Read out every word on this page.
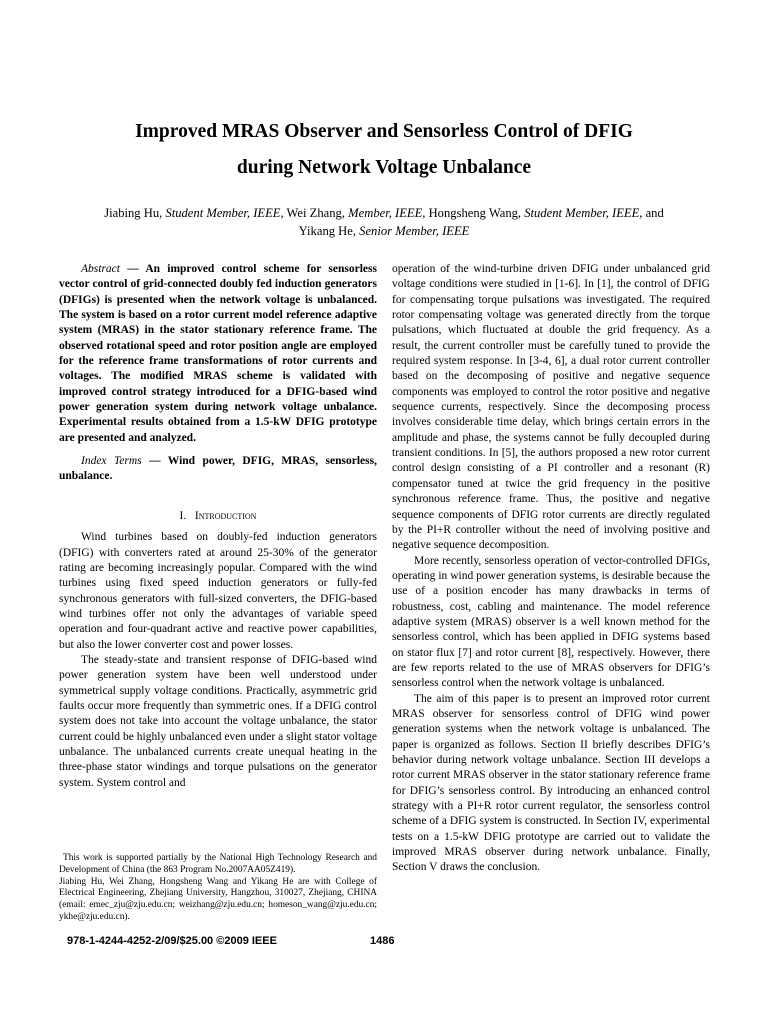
Improved MRAS Observer and Sensorless Control of DFIG
during Network Voltage Unbalance

Jiabing Hu, Student Member, IEEE, Wei Zhang, Member, IEEE, Hongsheng Wang, Student Member, IEEE, and Yikang He, Senior Member, IEEE

Abstract — An improved control scheme for sensorless vector control of grid-connected doubly fed induction generators (DFIGs) is presented when the network voltage is unbalanced. The system is based on a rotor current model reference adaptive system (MRAS) in the stator stationary reference frame. The observed rotational speed and rotor position angle are employed for the reference frame transformations of rotor currents and voltages. The modified MRAS scheme is validated with improved control strategy introduced for a DFIG-based wind power generation system during network voltage unbalance. Experimental results obtained from a 1.5-kW DFIG prototype are presented and analyzed.

Index Terms — Wind power, DFIG, MRAS, sensorless, unbalance.

I. Introduction

Wind turbines based on doubly-fed induction generators (DFIG) with converters rated at around 25-30% of the generator rating are becoming increasingly popular. Compared with the wind turbines using fixed speed induction generators or fully-fed synchronous generators with full-sized converters, the DFIG-based wind turbines offer not only the advantages of variable speed operation and four-quadrant active and reactive power capabilities, but also the lower converter cost and power losses.

The steady-state and transient response of DFIG-based wind power generation system have been well understood under symmetrical supply voltage conditions. Practically, asymmetric grid faults occur more frequently than symmetric ones. If a DFIG control system does not take into account the voltage unbalance, the stator current could be highly unbalanced even under a slight stator voltage unbalance. The unbalanced currents create unequal heating in the three-phase stator windings and torque pulsations on the generator system. System control and

This work is supported partially by the National High Technology Research and Development of China (the 863 Program No.2007AA05Z419).

Jiabing Hu, Wei Zhang, Hongsheng Wang and Yikang He are with College of Electrical Engineering, Zhejiang University, Hangzhou, 310027, Zhejiang, CHINA (email: emec_zju@zju.edu.cn; weizhang@zju.edu.cn; homeson_wang@zju.edu.cn; ykhe@zju.edu.cn).

operation of the wind-turbine driven DFIG under unbalanced grid voltage conditions were studied in [1-6]. In [1], the control of DFIG for compensating torque pulsations was investigated. The required rotor compensating voltage was generated directly from the torque pulsations, which fluctuated at double the grid frequency. As a result, the current controller must be carefully tuned to provide the required system response. In [3-4, 6], a dual rotor current controller based on the decomposing of positive and negative sequence components was employed to control the rotor positive and negative sequence currents, respectively. Since the decomposing process involves considerable time delay, which brings certain errors in the amplitude and phase, the systems cannot be fully decoupled during transient conditions. In [5], the authors proposed a new rotor current control design consisting of a PI controller and a resonant (R) compensator tuned at twice the grid frequency in the positive synchronous reference frame. Thus, the positive and negative sequence components of DFIG rotor currents are directly regulated by the PI+R controller without the need of involving positive and negative sequence decomposition.

More recently, sensorless operation of vector-controlled DFIGs, operating in wind power generation systems, is desirable because the use of a position encoder has many drawbacks in terms of robustness, cost, cabling and maintenance. The model reference adaptive system (MRAS) observer is a well known method for the sensorless control, which has been applied in DFIG systems based on stator flux [7] and rotor current [8], respectively. However, there are few reports related to the use of MRAS observers for DFIG’s sensorless control when the network voltage is unbalanced.

The aim of this paper is to present an improved rotor current MRAS observer for sensorless control of DFIG wind power generation systems when the network voltage is unbalanced. The paper is organized as follows. Section II briefly describes DFIG’s behavior during network voltage unbalance. Section III develops a rotor current MRAS observer in the stator stationary reference frame for DFIG’s sensorless control. By introducing an enhanced control strategy with a PI+R rotor current regulator, the sensorless control scheme of a DFIG system is constructed. In Section IV, experimental tests on a 1.5-kW DFIG prototype are carried out to validate the improved MRAS observer during network unbalance. Finally, Section V draws the conclusion.

978-1-4244-4252-2/09/$25.00 ©2009 IEEE	1486
